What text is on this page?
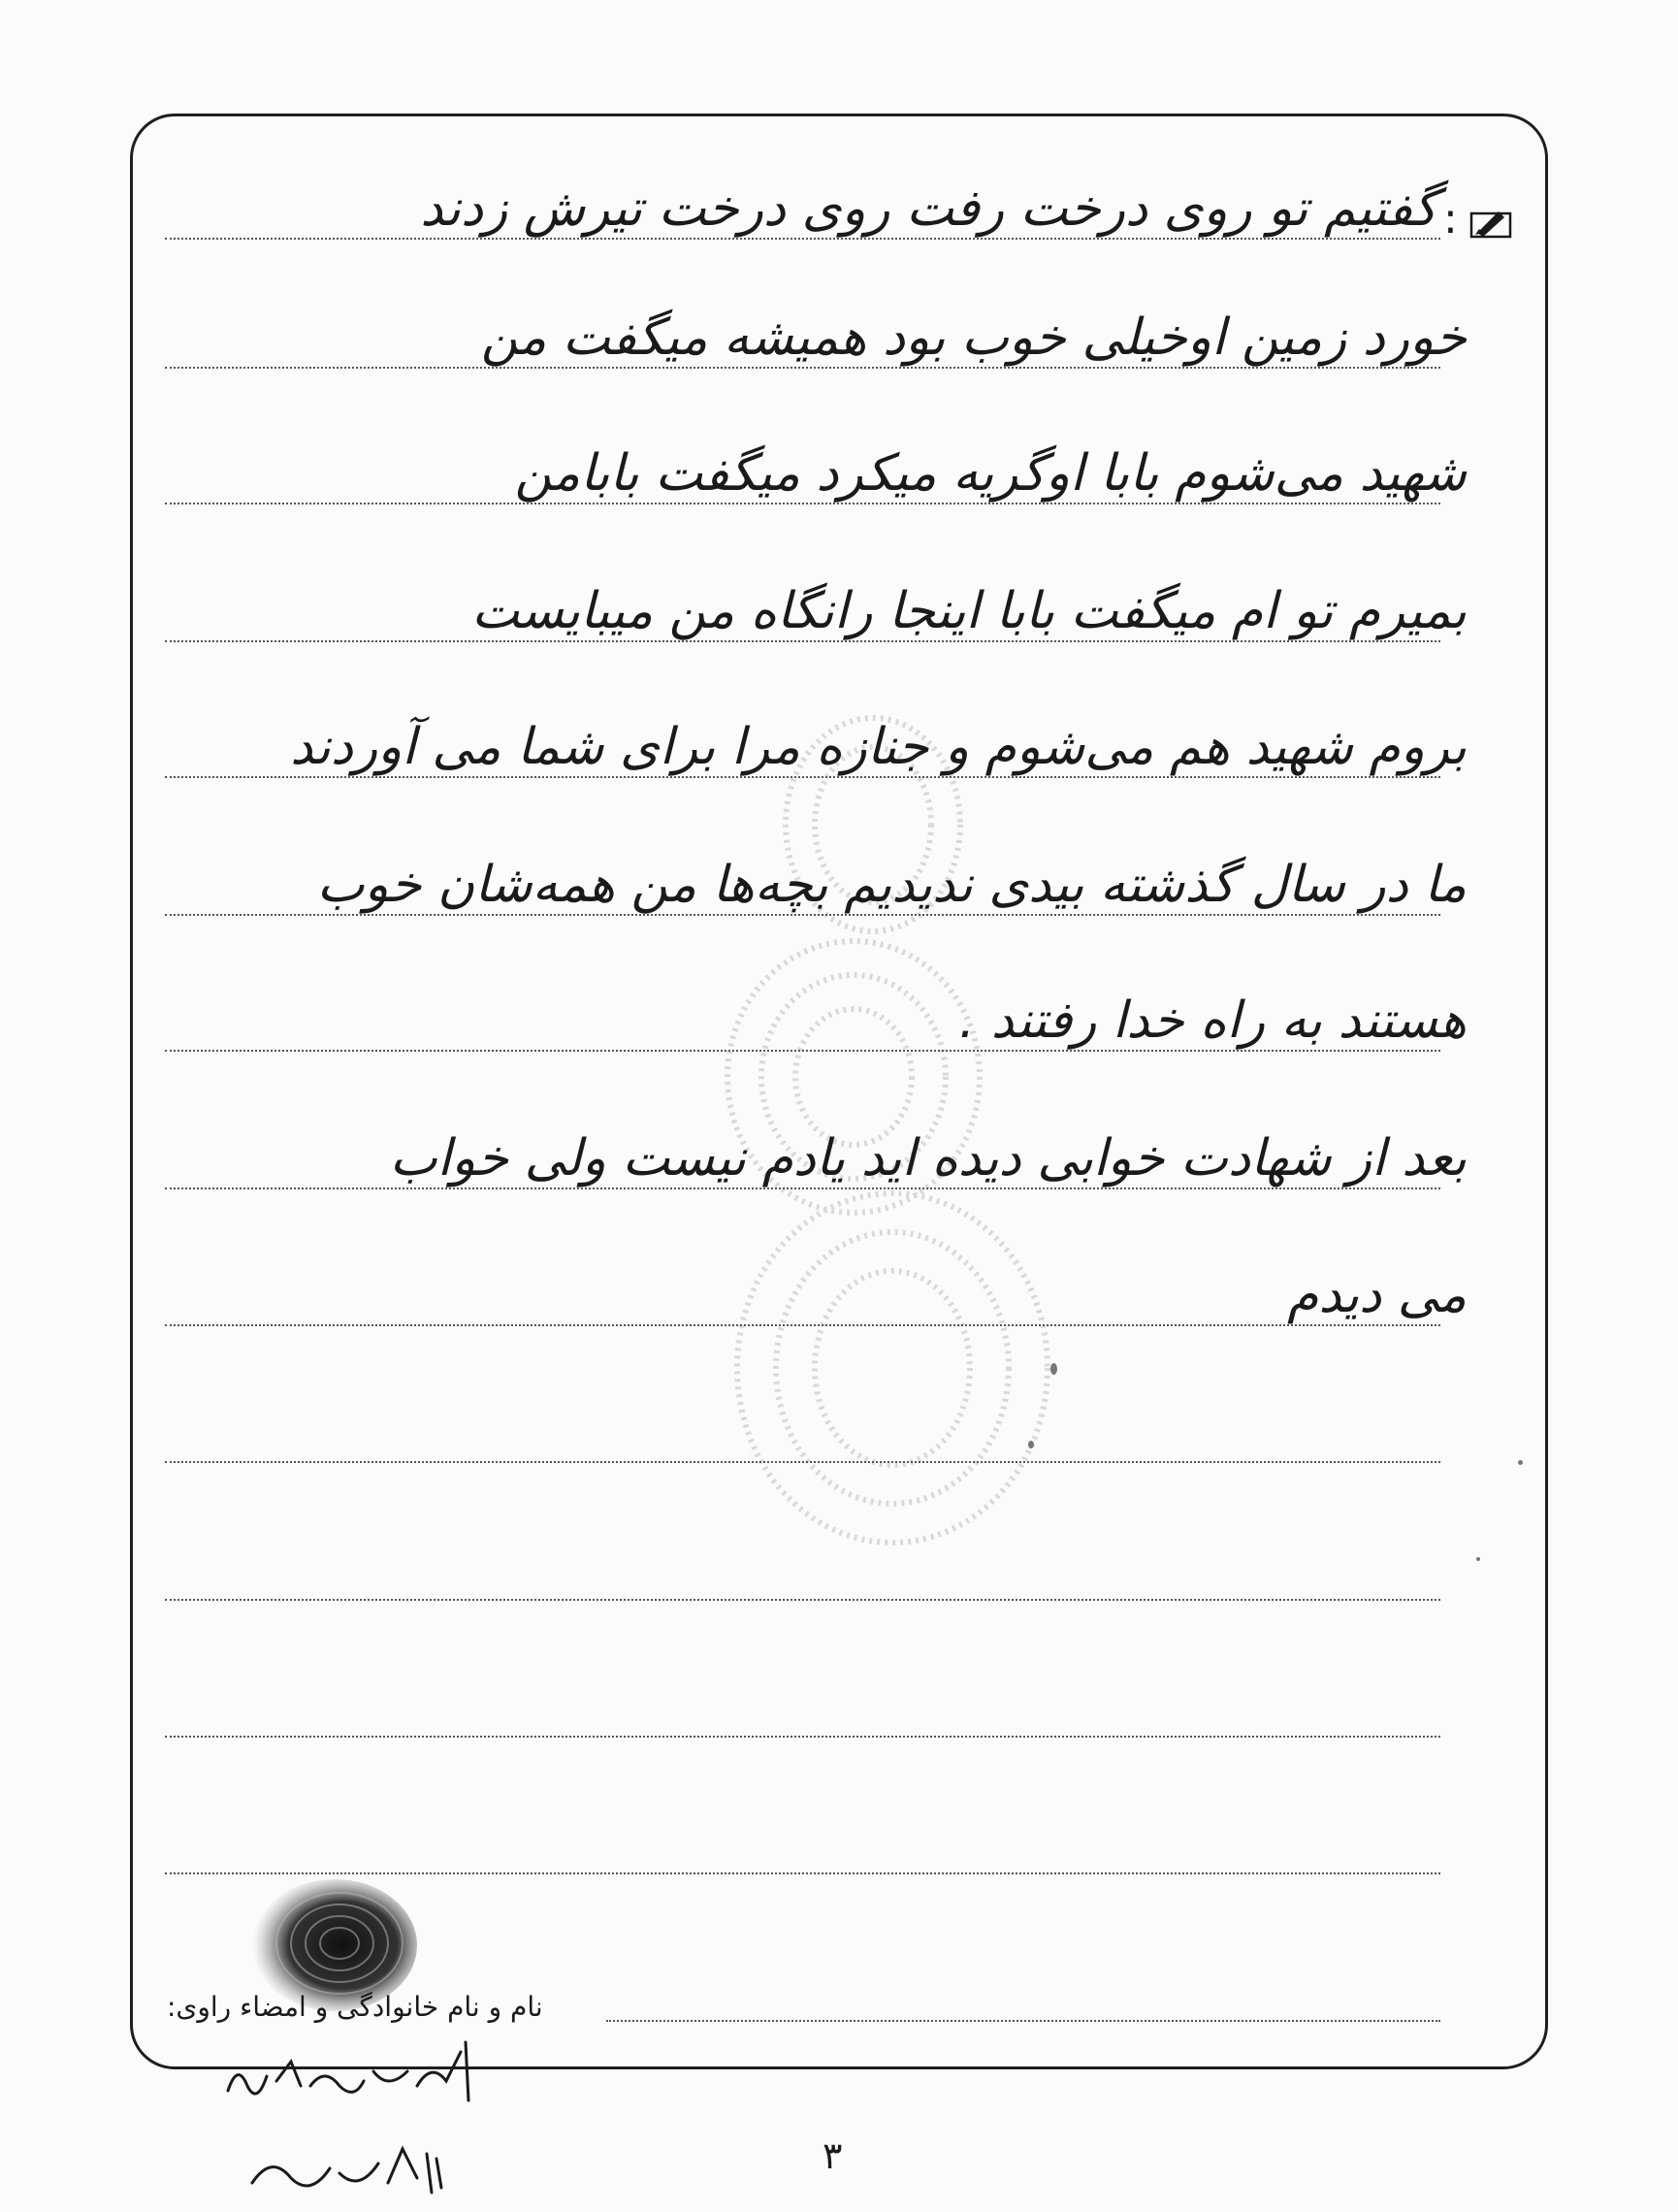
:
گفتیم تو روی درخت رفت روی درخت تیرش زدند
خورد زمین اوخیلی خوب بود همیشه میگفت من
شهید می‌شوم بابا اوگریه میکرد میگفت بابامن
بمیرم تو ام میگفت بابا اینجا رانگاه من میبایست
بروم شهید هم می‌شوم و جنازه مرا برای شما می آوردند
ما در سال گذشته بیدی ندیدیم بچه‌ها من همه‌شان خوب
هستند به راه خدا رفتند .
بعد از شهادت خوابی دیده اید یادم نیست ولی خواب
می دیدم
نام و نام خانوادگی و امضاء راوی:
۳
